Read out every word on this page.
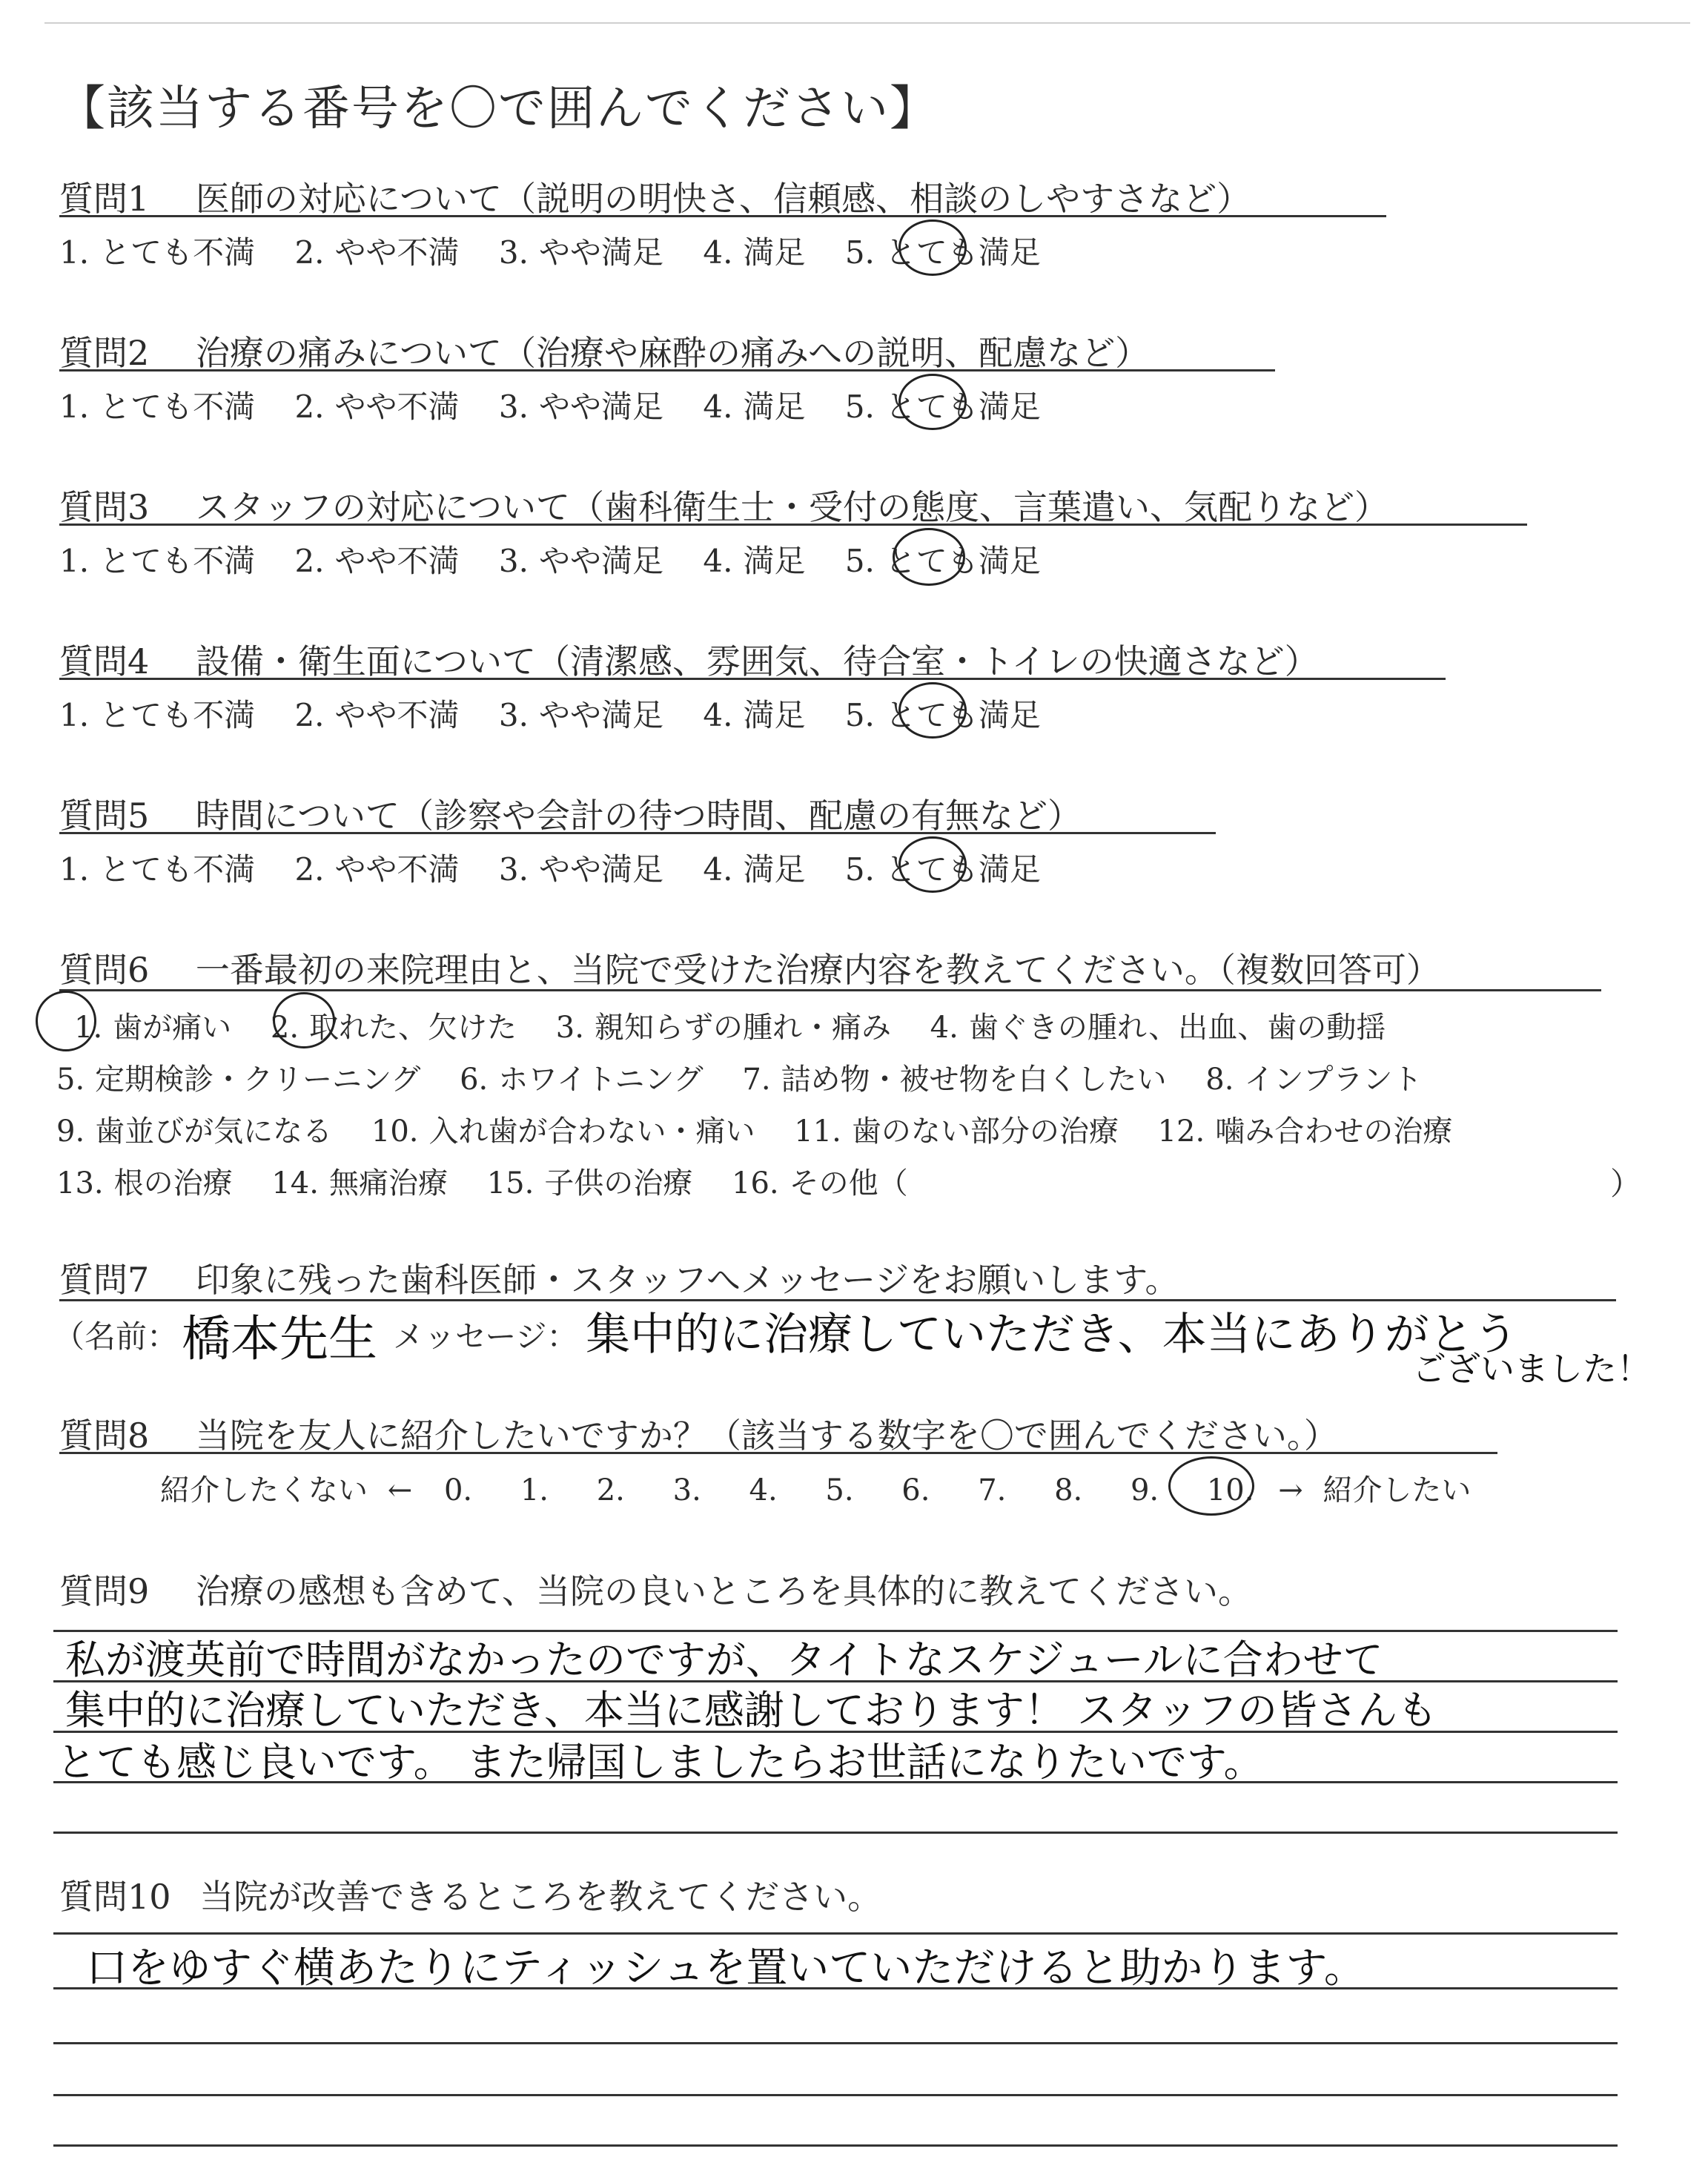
【該当する番号を〇で囲んでください】
質問1 医師の対応について（説明の明快さ、信頼感、相談のしやすさなど）
1. とても不満 2. やや不満 3. やや満足 4. 満足 5. とても満足
質問2 治療の痛みについて（治療や麻酔の痛みへの説明、配慮など）
1. とても不満 2. やや不満 3. やや満足 4. 満足 5. とても満足
質問3 スタッフの対応について（歯科衛生士・受付の態度、言葉遣い、気配りなど）
1. とても不満 2. やや不満 3. やや満足 4. 満足 5. とても満足
質問4 設備・衛生面について（清潔感、雰囲気、待合室・トイレの快適さなど）
1. とても不満 2. やや不満 3. やや満足 4. 満足 5. とても満足
質問5 時間について（診察や会計の待つ時間、配慮の有無など）
1. とても不満 2. やや不満 3. やや満足 4. 満足 5. とても満足
質問6 一番最初の来院理由と、当院で受けた治療内容を教えてください。（複数回答可）
1. 歯が痛い 2. 取れた、欠けた 3. 親知らずの腫れ・痛み 4. 歯ぐきの腫れ、出血、歯の動揺
5. 定期検診・クリーニング 6. ホワイトニング 7. 詰め物・被せ物を白くしたい 8. インプラント
9. 歯並びが気になる 10. 入れ歯が合わない・痛い 11. 歯のない部分の治療 12. 噛み合わせの治療
13. 根の治療 14. 無痛治療 15. 子供の治療 16. その他（	）
質問7 印象に残った歯科医師・スタッフへメッセージをお願いします。
（名前： 橋本先生 メッセージ： 集中的に治療していただき、本当にありがとう
ございました！
質問8 当院を友人に紹介したいですか？（該当する数字を〇で囲んでください。）
紹介したくない ← 0. 1. 2. 3. 4. 5. 6. 7. 8. 9. 10. → 紹介したい
質問9 治療の感想も含めて、当院の良いところを具体的に教えてください。
私が渡英前で時間がなかったのですが、タイトなスケジュールに合わせて
集中的に治療していただき、本当に感謝しております！ スタッフの皆さんも
とても感じ良いです。 また帰国しましたらお世話になりたいです。
質問10 当院が改善できるところを教えてください。
口をゆすぐ横あたりにティッシュを置いていただけると助かります。
